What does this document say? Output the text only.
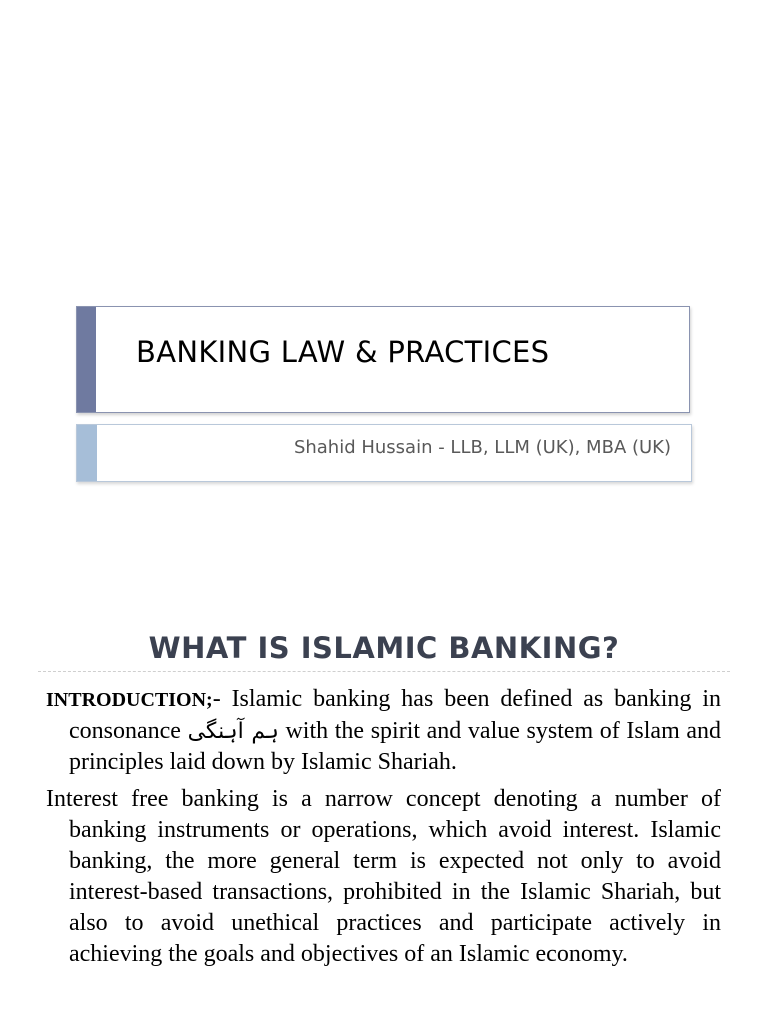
BANKING LAW & PRACTICES
Shahid Hussain - LLB, LLM (UK), MBA (UK)
WHAT IS ISLAMIC BANKING?
INTRODUCTION;- Islamic banking has been defined as banking in consonance ہم آہنگی with the spirit and value system of Islam and principles laid down by Islamic Shariah.
Interest free banking is a narrow concept denoting a number of banking instruments or operations, which avoid interest. Islamic banking, the more general term is expected not only to avoid interest-based transactions, prohibited in the Islamic Shariah, but also to avoid unethical practices and participate actively in achieving the goals and objectives of an Islamic economy.
